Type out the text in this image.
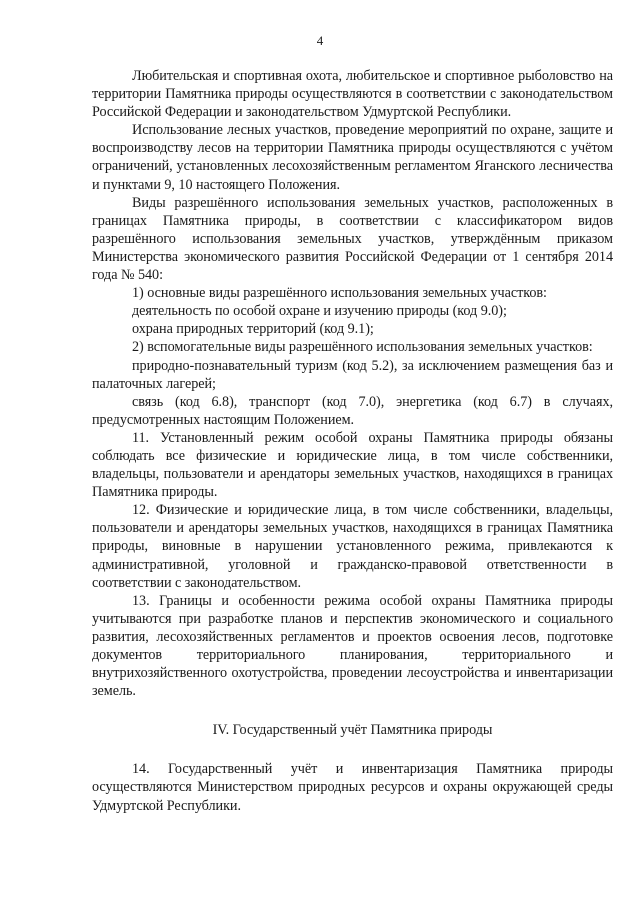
4

Любительская и спортивная охота, любительское и спортивное рыболовство на территории Памятника природы осуществляются в соответствии с законодательством Российской Федерации и законодательством Удмуртской Республики.

Использование лесных участков, проведение мероприятий по охране, защите и воспроизводству лесов на территории Памятника природы осуществляются с учётом ограничений, установленных лесохозяйственным регламентом Яганского лесничества и пунктами 9, 10 настоящего Положения.

Виды разрешённого использования земельных участков, расположенных в границах Памятника природы, в соответствии с классификатором видов разрешённого использования земельных участков, утверждённым приказом Министерства экономического развития Российской Федерации от 1 сентября 2014 года № 540:

1) основные виды разрешённого использования земельных участков:

деятельность по особой охране и изучению природы (код 9.0);

охрана природных территорий (код 9.1);

2) вспомогательные виды разрешённого использования земельных участков:

природно-познавательный туризм (код 5.2), за исключением размещения баз и палаточных лагерей;

связь (код 6.8), транспорт (код 7.0), энергетика (код 6.7) в случаях, предусмотренных настоящим Положением.

11. Установленный режим особой охраны Памятника природы обязаны соблюдать все физические и юридические лица, в том числе собственники, владельцы, пользователи и арендаторы земельных участков, находящихся в границах Памятника природы.

12. Физические и юридические лица, в том числе собственники, владельцы, пользователи и арендаторы земельных участков, находящихся в границах Памятника природы, виновные в нарушении установленного режима, привлекаются к административной, уголовной и гражданско-правовой ответственности в соответствии с законодательством.

13. Границы и особенности режима особой охраны Памятника природы учитываются при разработке планов и перспектив экономического и социального развития, лесохозяйственных регламентов и проектов освоения лесов, подготовке документов территориального планирования, территориального и внутрихозяйственного охотустройства, проведении лесоустройства и инвентаризации земель.

IV. Государственный учёт Памятника природы

14. Государственный учёт и инвентаризация Памятника природы осуществляются Министерством природных ресурсов и охраны окружающей среды Удмуртской Республики.
